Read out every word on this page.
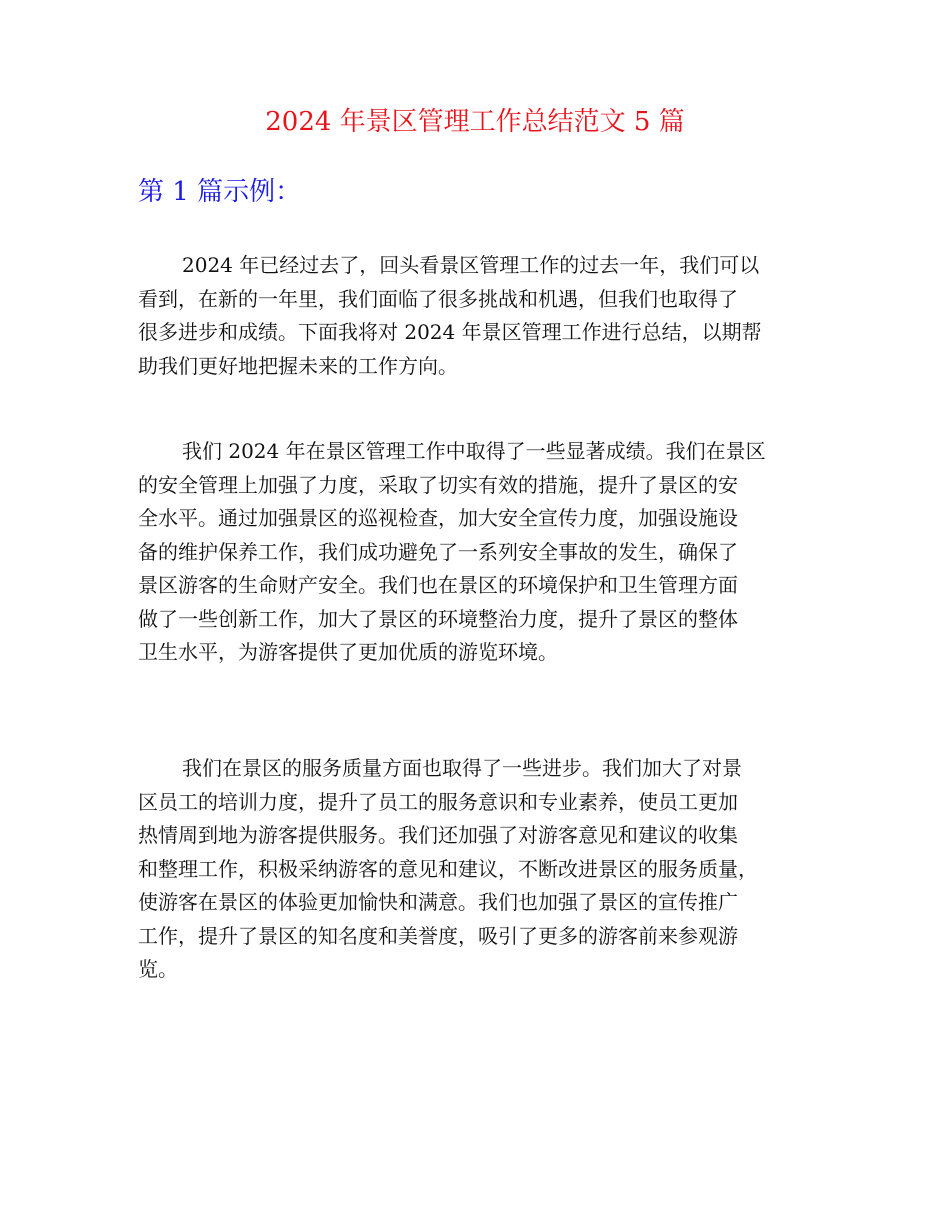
2024 年景区管理工作总结范文 5 篇
第 1 篇示例：

2024 年已经过去了，回头看景区管理工作的过去一年，我们可以
看到，在新的一年里，我们面临了很多挑战和机遇，但我们也取得了
很多进步和成绩。下面我将对 2024 年景区管理工作进行总结，以期帮
助我们更好地把握未来的工作方向。

我们 2024 年在景区管理工作中取得了一些显著成绩。我们在景区
的安全管理上加强了力度，采取了切实有效的措施，提升了景区的安
全水平。通过加强景区的巡视检查，加大安全宣传力度，加强设施设
备的维护保养工作，我们成功避免了一系列安全事故的发生，确保了
景区游客的生命财产安全。我们也在景区的环境保护和卫生管理方面
做了一些创新工作，加大了景区的环境整治力度，提升了景区的整体
卫生水平，为游客提供了更加优质的游览环境。

我们在景区的服务质量方面也取得了一些进步。我们加大了对景
区员工的培训力度，提升了员工的服务意识和专业素养，使员工更加
热情周到地为游客提供服务。我们还加强了对游客意见和建议的收集
和整理工作，积极采纳游客的意见和建议，不断改进景区的服务质量，
使游客在景区的体验更加愉快和满意。我们也加强了景区的宣传推广
工作，提升了景区的知名度和美誉度，吸引了更多的游客前来参观游
览。
